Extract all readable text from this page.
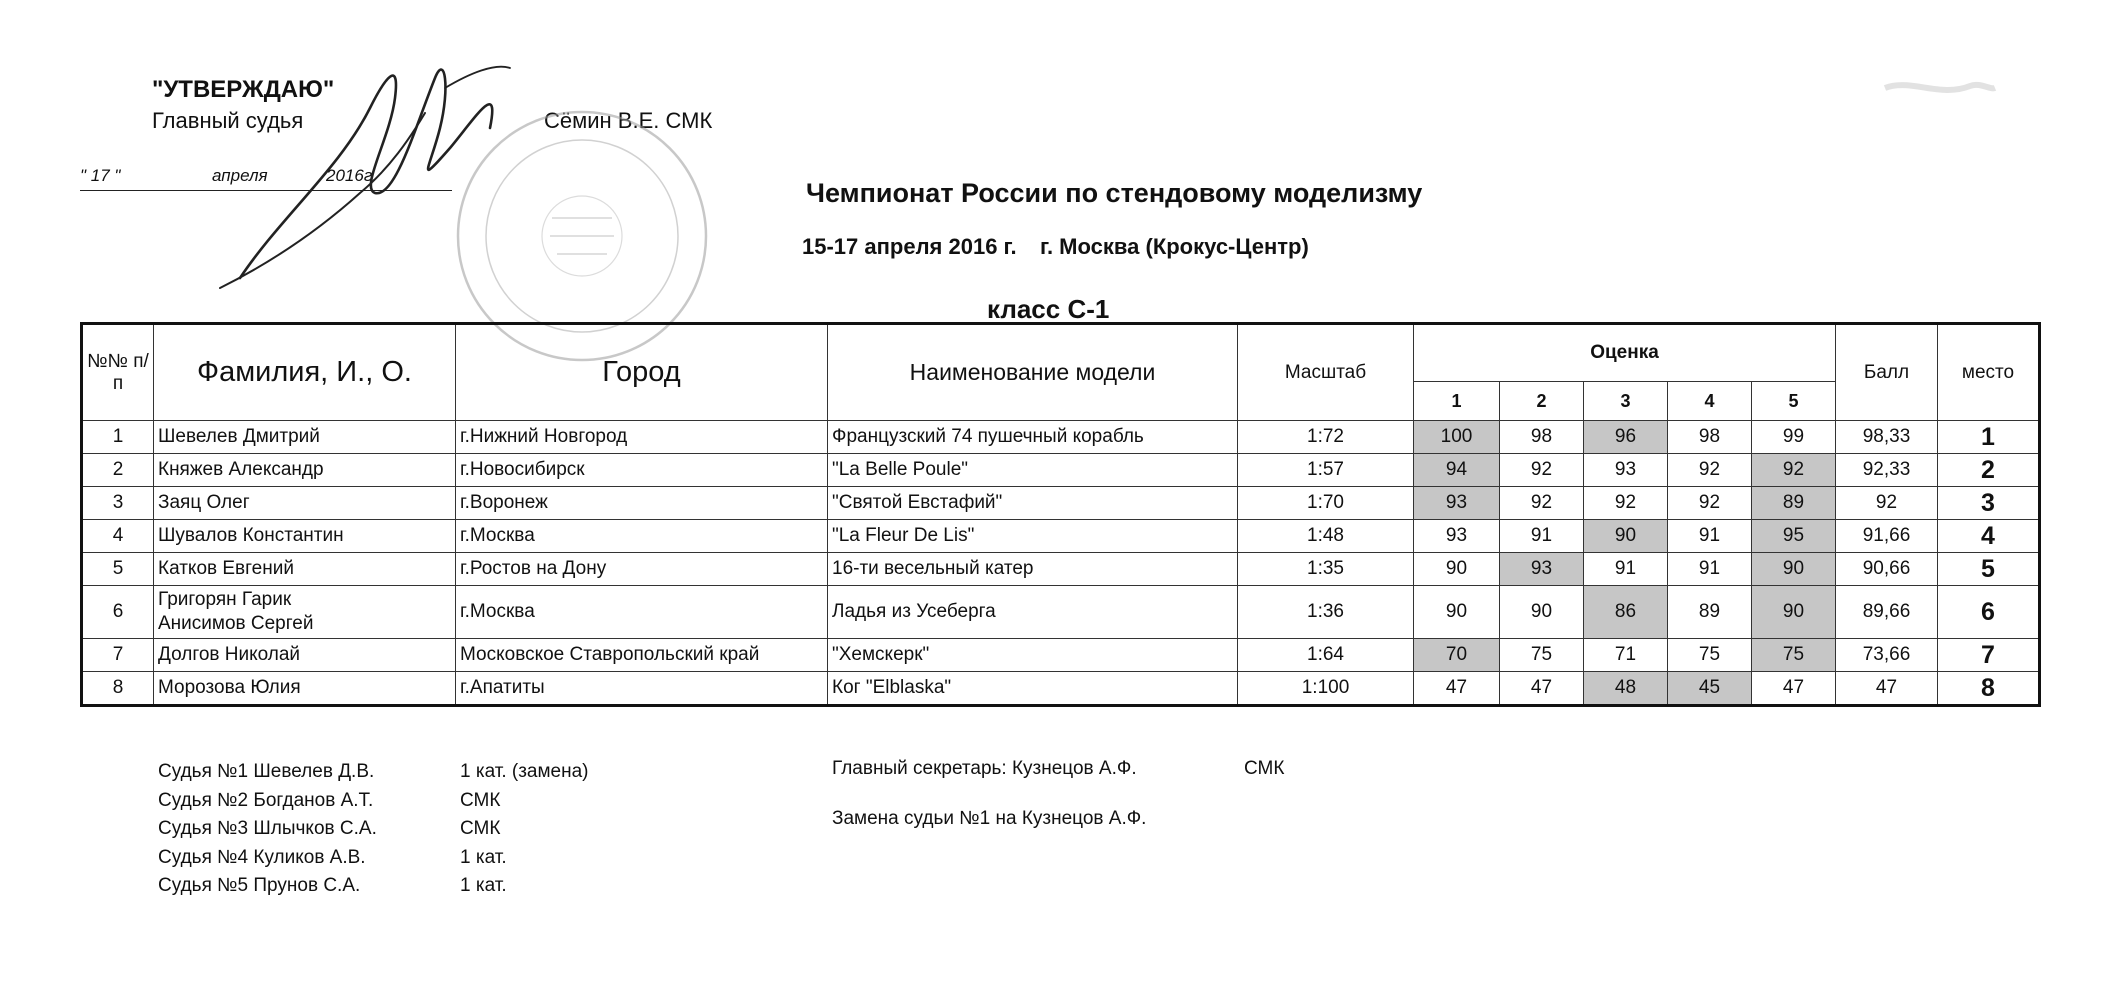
"УТВЕРЖДАЮ"
Главный судья	Сёмин В.Е. СМК
" 17 "	апреля	2016г.
Чемпионат России по стендовому моделизму
15-17 апреля 2016 г. г. Москва (Крокус-Центр)
класс С-1
№№ п/п	Фамилия, И., О.	Город	Наименование модели	Масштаб	Оценка					Балл	место
					1	2	3	4	5		
1	Шевелев Дмитрий	г.Нижний Новгород	Французский 74 пушечный корабль	1:72	100	98	96	98	99	98,33	1
2	Княжев Александр	г.Новосибирск	"La Belle Poule"	1:57	94	92	93	92	92	92,33	2
3	Заяц Олег	г.Воронеж	"Святой Евстафий"	1:70	93	92	92	92	89	92	3
4	Шувалов Константин	г.Москва	"La Fleur De Lis"	1:48	93	91	90	91	95	91,66	4
5	Катков Евгений	г.Ростов на Дону	16-ти весельный катер	1:35	90	93	91	91	90	90,66	5
6	Григорян Гарик
Анисимов Сергей	г.Москва	Ладья из Усеберга	1:36	90	90	86	89	90	89,66	6
7	Долгов Николай	Московское Ставропольский край	"Хемскерк"	1:64	70	75	71	75	75	73,66	7
8	Морозова Юлия	г.Апатиты	Ког "Elblaska"	1:100	47	47	48	45	47	47	8
Судья №1 Шевелев Д.В.	1 кат. (замена)
Судья №2 Богданов А.Т.	СМК
Судья №3 Шлычков С.А.	СМК
Судья №4 Куликов А.В.	1 кат.
Судья №5 Прунов С.А.	1 кат.
Главный секретарь: Кузнецов А.Ф.	СМК
Замена судьи №1 на Кузнецов А.Ф.
